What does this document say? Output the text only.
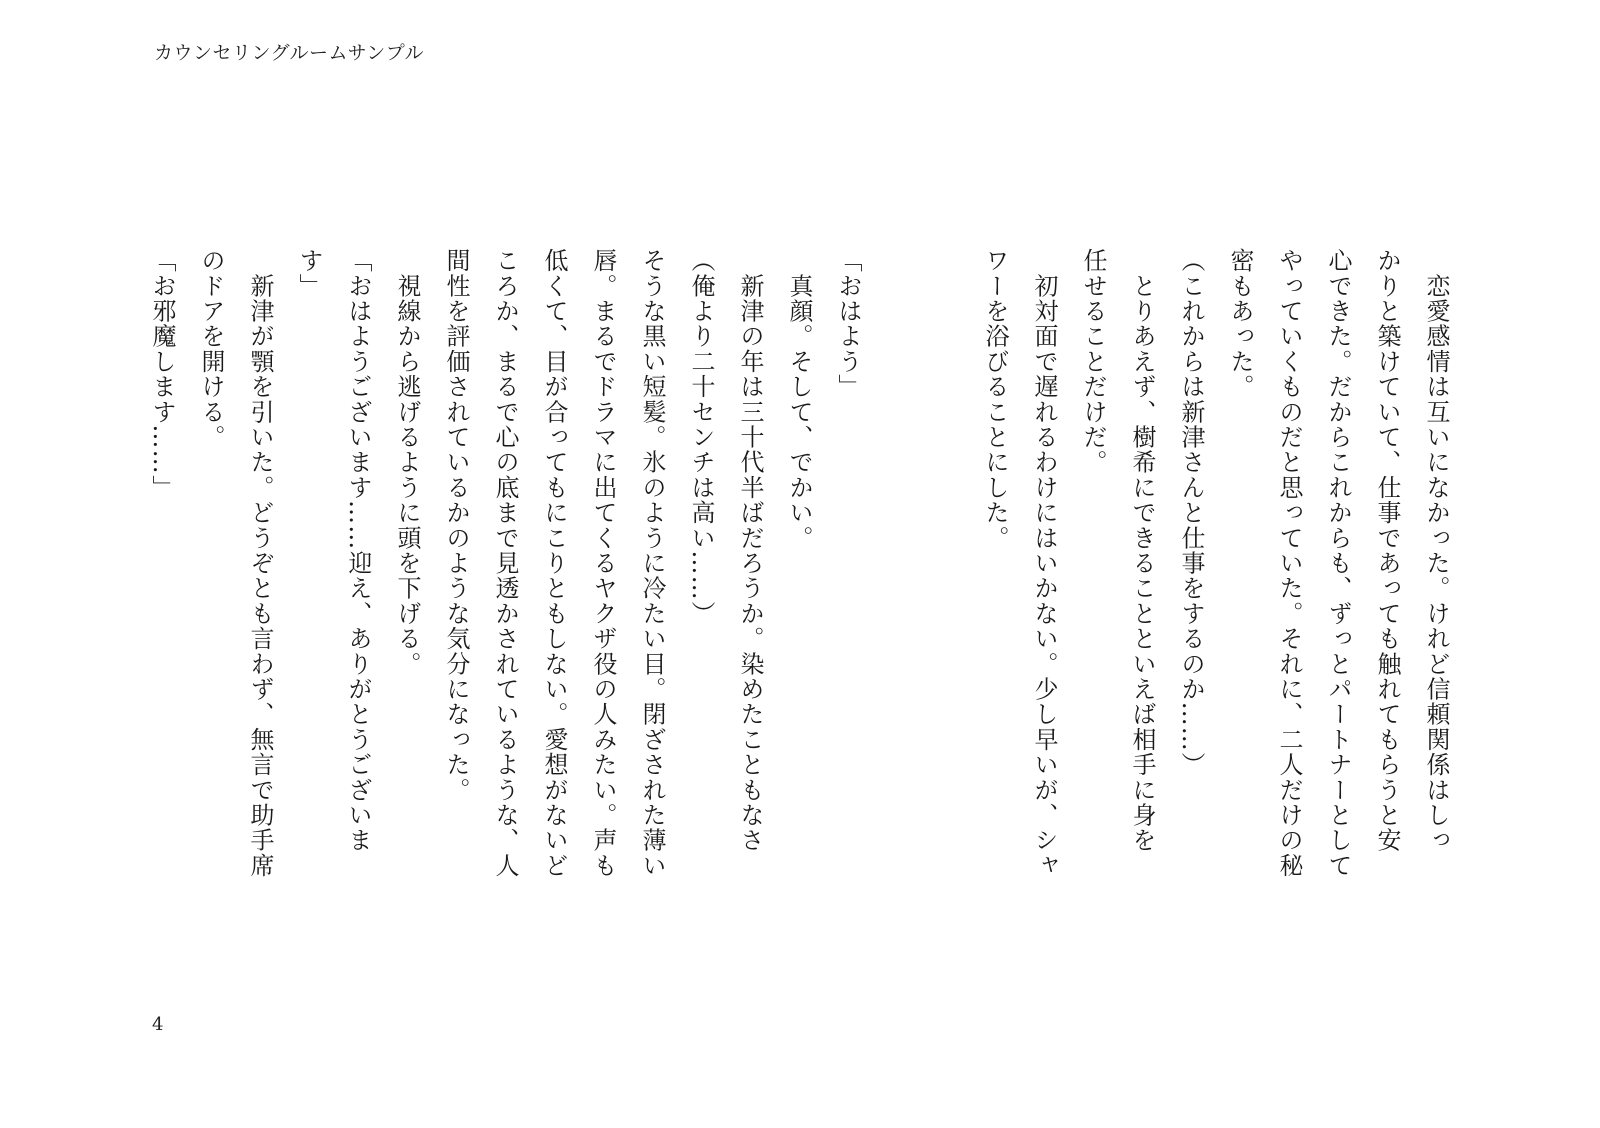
カウンセリングルームサンプル

　恋愛感情は互いになかった。けれど信頼関係はしっ

かりと築けていて、仕事であっても触れてもらうと安

心できた。だからこれからも、ずっとパートナーとして

やっていくものだと思っていた。それに、二人だけの秘

密もあった。

（これからは新津さんと仕事をするのか……）

　とりあえず、樹希にできることといえば相手に身を

任せることだけだ。

　初対面で遅れるわけにはいかない。少し早いが、シャ

ワーを浴びることにした。

「おはよう」

　真顔。そして、でかい。

　新津の年は三十代半ばだろうか。染めたこともなさ

（俺より二十センチは高い……）

そうな黒い短髪。氷のように冷たい目。閉ざされた薄い

唇。まるでドラマに出てくるヤクザ役の人みたい。声も

低くて、目が合ってもにこりともしない。愛想がないど

ころか、まるで心の底まで見透かされているような、人

間性を評価されているかのような気分になった。

　視線から逃げるように頭を下げる。

「おはようございます……迎え、ありがとうございま

す」

　新津が顎を引いた。どうぞとも言わず、無言で助手席

のドアを開ける。

「お邪魔します……」

4
